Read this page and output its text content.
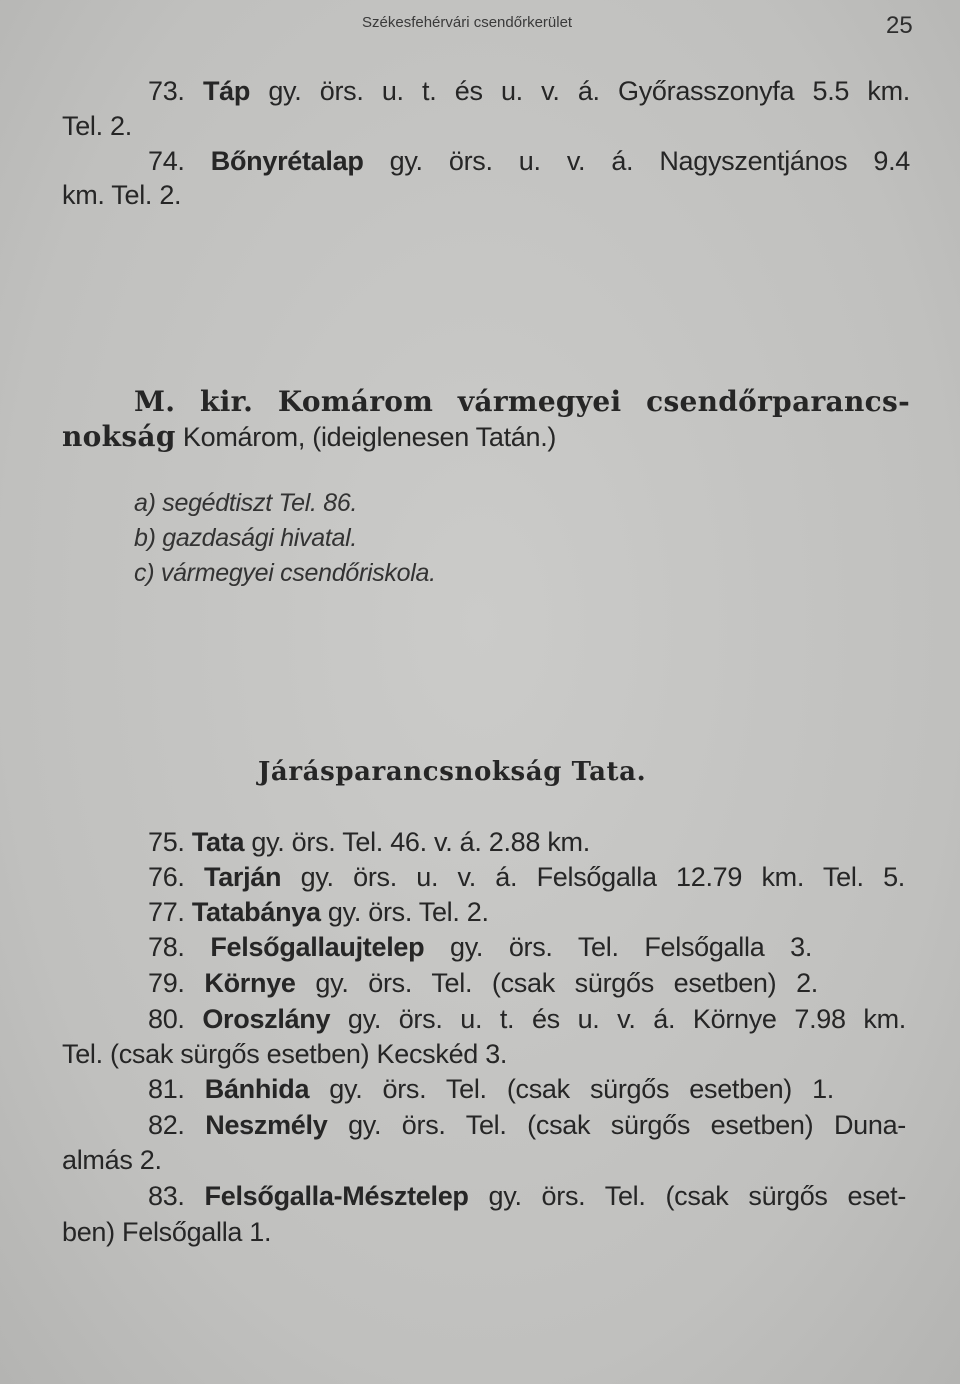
Székesfehérvári csendőrkerület	25
73. Táp gy. örs. u. t. és u. v. á. Győrasszonyfa 5.5 km.
Tel. 2.
74. Bőnyrétalap gy. örs. u. v. á. Nagyszentjános 9.4
km. Tel. 2.
M. kir. Komárom vármegyei csendőrparancs-
nokság Komárom, (ideiglenesen Tatán.)
a) segédtiszt Tel. 86.
b) gazdasági hivatal.
c) vármegyei csendőriskola.
Járásparancsnokság Tata.
75. Tata gy. örs. Tel. 46. v. á. 2.88 km.
76. Tarján gy. örs. u. v. á. Felsőgalla 12.79 km. Tel. 5.
77. Tatabánya gy. örs. Tel. 2.
78. Felsőgallaujtelep gy. örs. Tel. Felsőgalla 3.
79. Környe gy. örs. Tel. (csak sürgős esetben) 2.
80. Oroszlány gy. örs. u. t. és u. v. á. Környe 7.98 km.
Tel. (csak sürgős esetben) Kecskéd 3.
81. Bánhida gy. örs. Tel. (csak sürgős esetben) 1.
82. Neszmély gy. örs. Tel. (csak sürgős esetben) Duna-
almás 2.
83. Felsőgalla-Mésztelep gy. örs. Tel. (csak sürgős eset-
ben) Felsőgalla 1.
